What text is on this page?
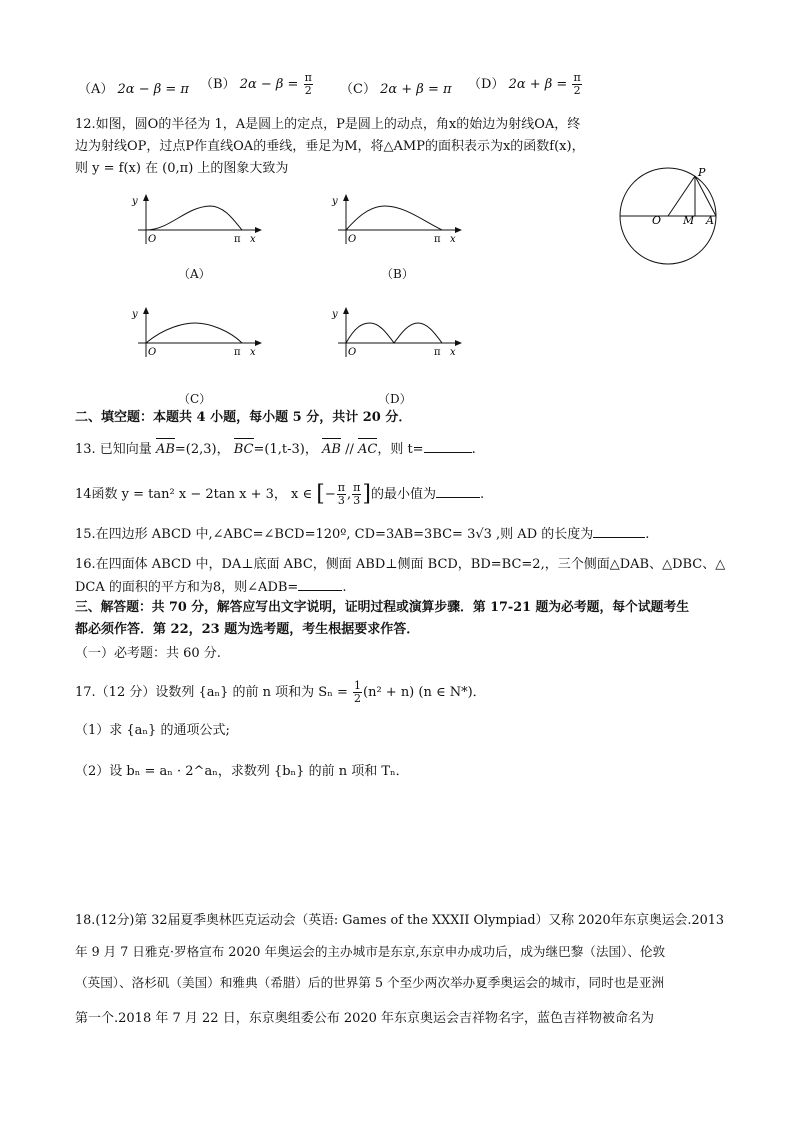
（A） 2α − β = π （B） $2\alpha - \beta = \frac{\pi}{2} (C) 2\alpha + \beta = \pi$ （D） $2\alpha + \beta = \frac{\pi}{2}$
12.如图，圆O的半径为 1，A是圆上的定点，P是圆上的动点，角x的始边为射线OA，终
边为射线OP，过点P作直线OA的垂线，垂足为M，将△AMP的面积表示为x的函数f(x)，
则 y = f(x) 在 (0,π) 上的图象大致为	P
O M A
y
O	π x
（A）
y
O	π x
（B）
y
O	π x
（C）
y
O	π x
（D）
二、填空题：本题共 4 小题，每小题 5 分，共计 20 分．
13. 已知向量 AB=(2,3)， BC=(1,t-3)， AB // AC，则 t=	.
14函数 y = tan² x − 2tan x + 3， x ∈ [− $\frac{\pi}{3}$ , $\frac{\pi}{3}$ ]的最小值为	.
15.在四边形 ABCD 中,∠ABC=∠BCD=120º, CD=3AB=3BC= 3√3 ,则 AD 的长度为	.
16.在四面体 ABCD 中，DA⊥底面 ABC，侧面 ABD⊥侧面 BCD，BD=BC=2,，三个侧面△DAB、△DBC、△
DCA 的面积的平方和为8，则∠ADB=	.
三、解答题：共 70 分，解答应写出文字说明，证明过程或演算步骤．第 17-21 题为必考题，每个试题考生
都必须作答．第 22，23 题为选考题，考生根据要求作答．
（一）必考题：共 60 分.
17.（12 分）设数列 {aₙ} 的前 n 项和为 $S_n = \frac{1}{2} (n^2 + n)$ (n ∈ N*)．
（1）求 {aₙ} 的通项公式;
（2）设 bₙ = aₙ · 2^aₙ，求数列 {bₙ} 的前 n 项和 Tₙ．
18.(12分)第 32届夏季奥林匹克运动会（英语: Games of the XXXII Olympiad）又称 2020年东京奥运会.2013
年 9 月 7 日雅克·罗格宣布 2020 年奥运会的主办城市是东京,东京申办成功后，成为继巴黎（法国）、伦敦
（英国）、洛杉矶（美国）和雅典（希腊）后的世界第 5 个至少两次举办夏季奥运会的城市，同时也是亚洲
第一个.2018 年 7 月 22 日，东京奥组委公布 2020 年东京奥运会吉祥物名字，蓝色吉祥物被命名为
